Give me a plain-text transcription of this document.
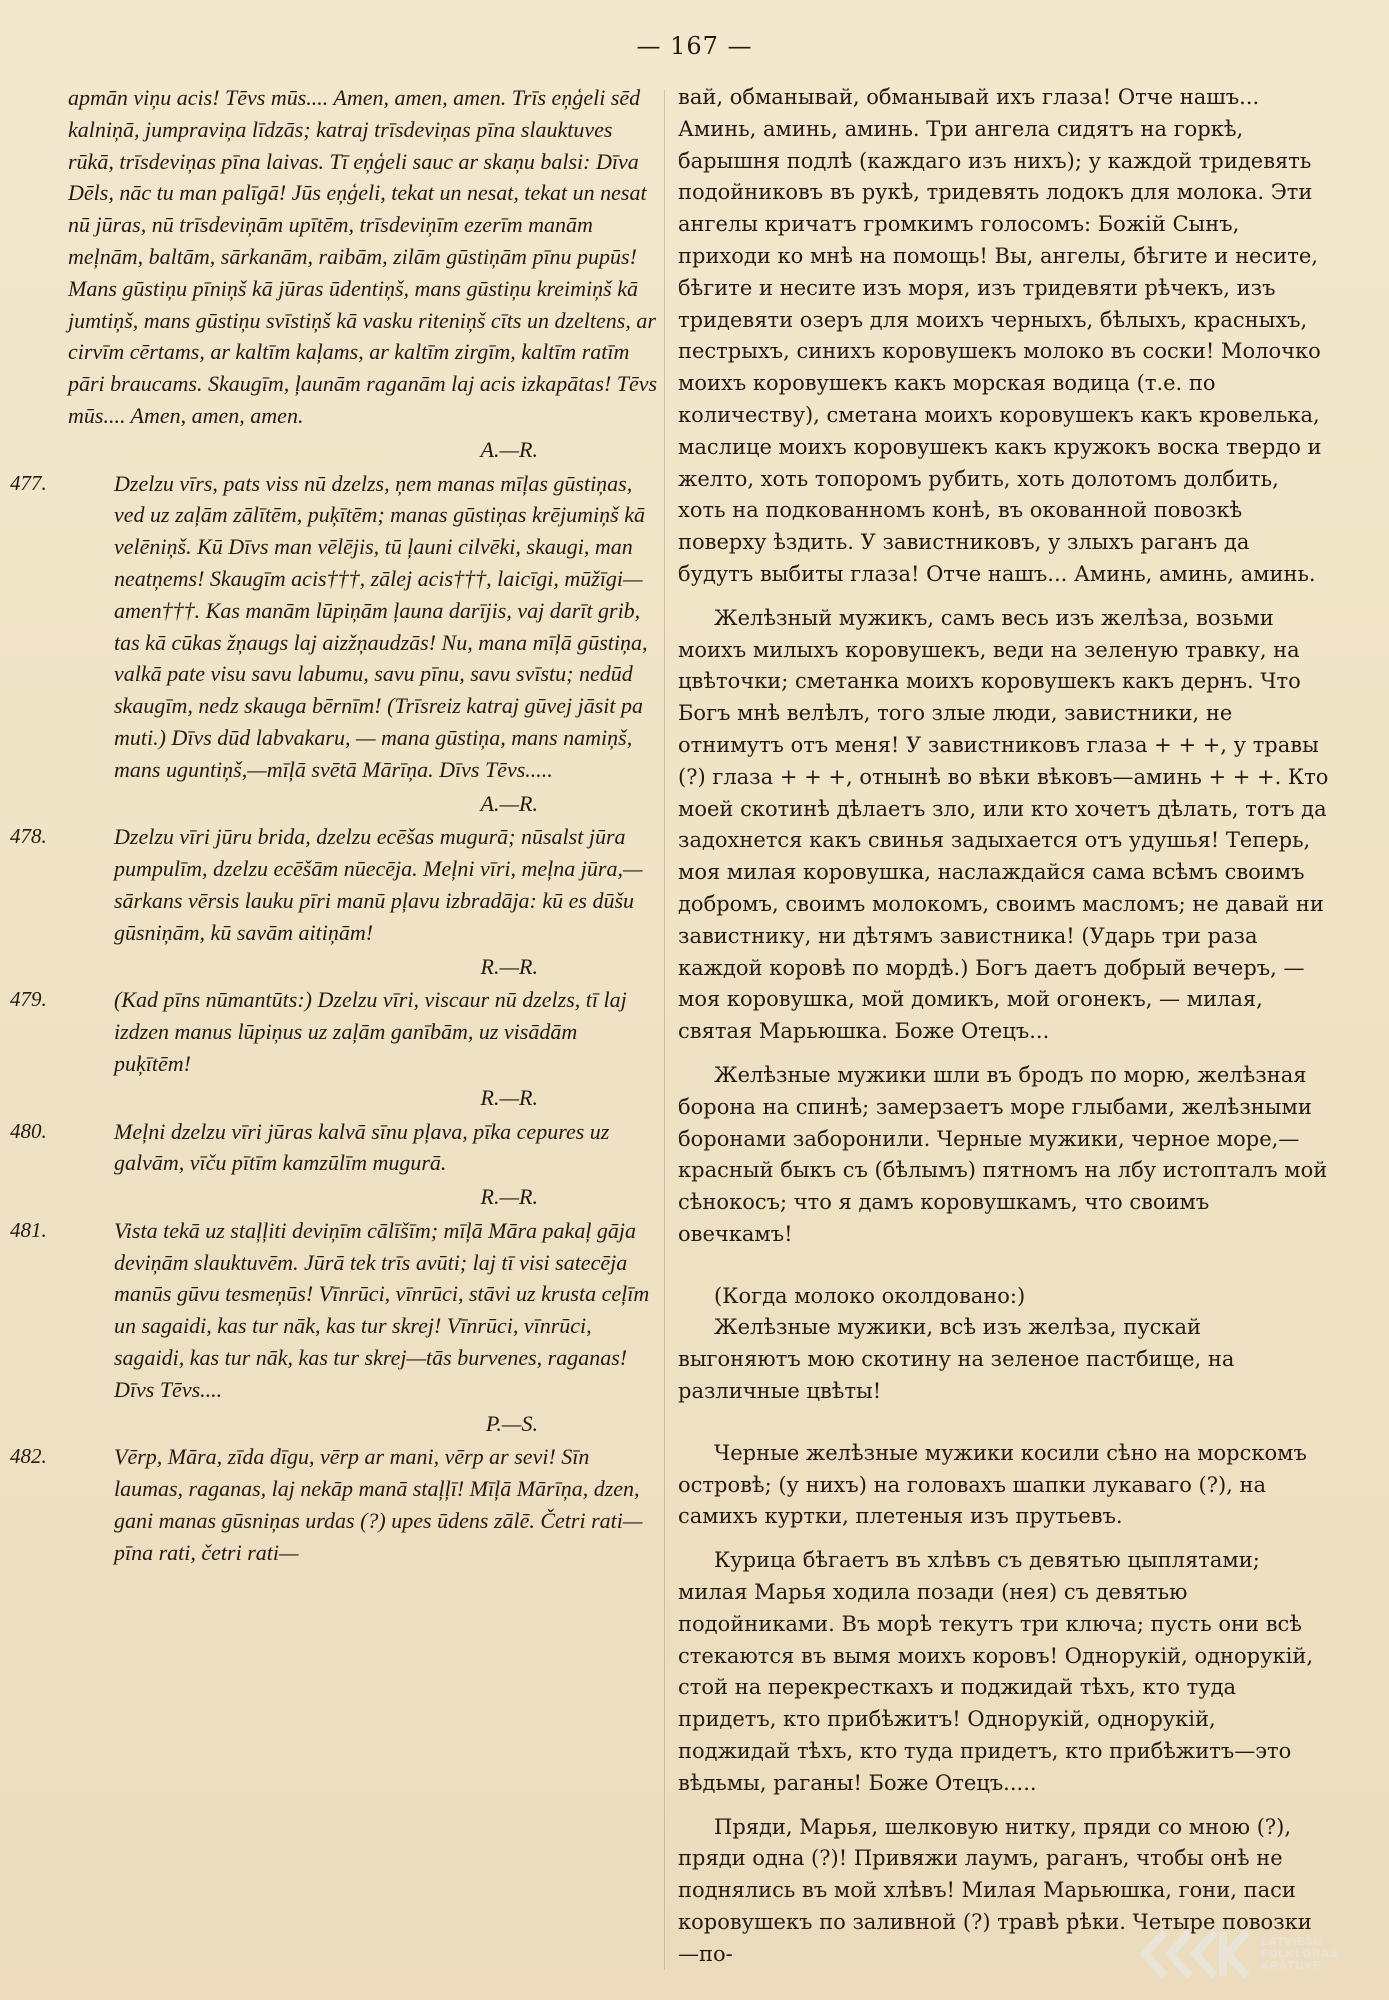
— 167 —

apmān viņu acis! Tēvs mūs.... Amen, amen, amen. Trīs eņģeli sēd kalniņā, jumpraviņa līdzās; katraj trīsdeviņas pīna slauktuves rūkā, trīsdeviņas pīna laivas. Tī eņģeli sauc ar skaņu balsi: Dīva Dēls, nāc tu man palīgā! Jūs eņģeli, tekat un nesat, tekat un nesat nū jūras, nū trīsdeviņām upītēm, trīsdeviņīm ezerīm manām meļnām, baltām, sārkanām, raibām, zilām gūstiņām pīnu pupūs! Mans gūstiņu pīniņš kā jūras ūdentiņš, mans gūstiņu kreimiņš kā jumtiņš, mans gūstiņu svīstiņš kā vasku riteniņš cīts un dzeltens, ar cirvīm cērtams, ar kaltīm kaļams, ar kaltīm zirgīm, kaltīm ratīm pāri braucams. Skaugīm, ļaunām raganām laj acis izkapātas! Tēvs mūs.... Amen, amen, amen.

A.—R.

477.	Dzelzu vīrs, pats viss nū dzelzs, ņem manas mīļas gūstiņas, ved uz zaļām zālītēm, puķītēm; manas gūstiņas krējumiņš kā velēniņš. Kū Dīvs man vēlējis, tū ļauni cilvēki, skaugi, man neatņems! Skaugīm acis†††, zālej acis†††, laicīgi, mūžīgi—amen†††. Kas manām lūpiņām ļauna darījis, vaj darīt grib, tas kā cūkas žņaugs laj aizžņaudzās! Nu, mana mīļā gūstiņa, valkā pate visu savu labumu, savu pīnu, savu svīstu; nedūd skaugīm, nedz skauga bērnīm! (Trīsreiz katraj gūvej jāsit pa muti.) Dīvs dūd labvakaru, — mana gūstiņa, mans namiņš, mans uguntiņš,—mīļā svētā Mārīņa. Dīvs Tēvs.....

A.—R.

478.	Dzelzu vīri jūru brida, dzelzu ecēšas mugurā; nūsalst jūra pumpulīm, dzelzu ecēšām nūecēja. Meļni vīri, meļna jūra,—sārkans vērsis lauku pīri manū pļavu izbradāja: kū es dūšu gūsniņām, kū savām aitiņām!

R.—R.

479.	(Kad pīns nūmantūts:) Dzelzu vīri, viscaur nū dzelzs, tī laj izdzen manus lūpiņus uz zaļām ganībām, uz visādām puķītēm!

R.—R.

480.	Meļni dzelzu vīri jūras kalvā sīnu pļava, pīka cepures uz galvām, vīču pītīm kamzūlīm mugurā.

R.—R.

481.	Vista tekā uz staļļiti deviņīm cālīšīm; mīļā Māra pakaļ gāja deviņām slauktuvēm. Jūrā tek trīs avūti; laj tī visi satecēja manūs gūvu tesmeņūs! Vīnrūci, vīnrūci, stāvi uz krusta ceļīm un sagaidi, kas tur nāk, kas tur skrej! Vīnrūci, vīnrūci, sagaidi, kas tur nāk, kas tur skrej—tās burvenes, raganas! Dīvs Tēvs....

P.—S.

482.	Vērp, Māra, zīda dīgu, vērp ar mani, vērp ar sevi! Sīn laumas, raganas, laj nekāp manā staļļī! Mīļā Mārīņa, dzen, gani manas gūsniņas urdas (?) upes ūdens zālē. Četri rati—pīna rati, četri rati—

вай, обманывай, обманывай ихъ глаза! Отче нашъ... Аминь, аминь, аминь. Три ангела сидятъ на горкѣ, барышня подлѣ (каждаго изъ нихъ); у каждой тридевять подойниковъ въ рукѣ, тридевять лодокъ для молока. Эти ангелы кричатъ громкимъ голосомъ: Божій Сынъ, приходи ко мнѣ на помощь! Вы, ангелы, бѣгите и несите, бѣгите и несите изъ моря, изъ тридевяти рѣчекъ, изъ тридевяти озеръ для моихъ черныхъ, бѣлыхъ, красныхъ, пестрыхъ, синихъ коровушекъ молоко въ соски! Молочко моихъ коровушекъ какъ морская водица (т.е. по количеству), сметана моихъ коровушекъ какъ кровелька, маслице моихъ коровушекъ какъ кружокъ воска твердо и желто, хоть топоромъ рубить, хоть долотомъ долбить, хоть на подкованномъ конѣ, въ окованной повозкѣ поверху ѣздить. У завистниковъ, у злыхъ раганъ да будутъ выбиты глаза! Отче нашъ... Аминь, аминь, аминь.

Желѣзный мужикъ, самъ весь изъ желѣза, возьми моихъ милыхъ коровушекъ, веди на зеленую травку, на цвѣточки; сметанка моихъ коровушекъ какъ дернъ. Что Богъ мнѣ велѣлъ, того злые люди, завистники, не отнимутъ отъ меня! У завистниковъ глаза + + +, у травы (?) глаза + + +, отнынѣ во вѣки вѣковъ—аминь + + +. Кто моей скотинѣ дѣлаетъ зло, или кто хочетъ дѣлать, тотъ да задохнется какъ свинья задыхается отъ удушья! Теперь, моя милая коровушка, наслаждайся сама всѣмъ своимъ добромъ, своимъ молокомъ, своимъ масломъ; не давай ни завистнику, ни дѣтямъ завистника! (Ударь три раза каждой коровѣ по мордѣ.) Богъ даетъ добрый вечеръ, — моя коровушка, мой домикъ, мой огонекъ, — милая, святая Марьюшка. Боже Отецъ...

Желѣзные мужики шли въ бродъ по морю, желѣзная борона на спинѣ; замерзаетъ море глыбами, желѣзными боронами заборонили. Черные мужики, черное море,—красный быкъ съ (бѣлымъ) пятномъ на лбу истопталъ мой сѣнокосъ; что я дамъ коровушкамъ, что своимъ овечкамъ!

(Когда молоко околдовано:)

Желѣзные мужики, всѣ изъ желѣза, пускай выгоняютъ мою скотину на зеленое пастбище, на различные цвѣты!

Черные желѣзные мужики косили сѣно на морскомъ островѣ; (у нихъ) на головахъ шапки лукаваго (?), на самихъ куртки, плетеныя изъ прутьевъ.

Курица бѣгаетъ въ хлѣвъ съ девятью цыплятами; милая Марья ходила позади (нея) съ девятью подойниками. Въ морѣ текутъ три ключа; пусть они всѣ стекаются въ вымя моихъ коровъ! Однорукій, однорукій, стой на перекресткахъ и поджидай тѣхъ, кто туда придетъ, кто прибѣжитъ! Однорукій, однорукій, поджидай тѣхъ, кто туда придетъ, кто прибѣжитъ—это вѣдьмы, раганы! Боже Отецъ.....

Пряди, Марья, шелковую нитку, пряди со мною (?), пряди одна (?)! Привяжи лаумъ, раганъ, чтобы онѣ не поднялись въ мой хлѣвъ! Милая Марьюшка, гони, паси коровушекъ по заливной (?) травѣ рѣки. Четыре повозки—по-	LATVIEŠU
FOLKLORAS
KRĀTUVE
